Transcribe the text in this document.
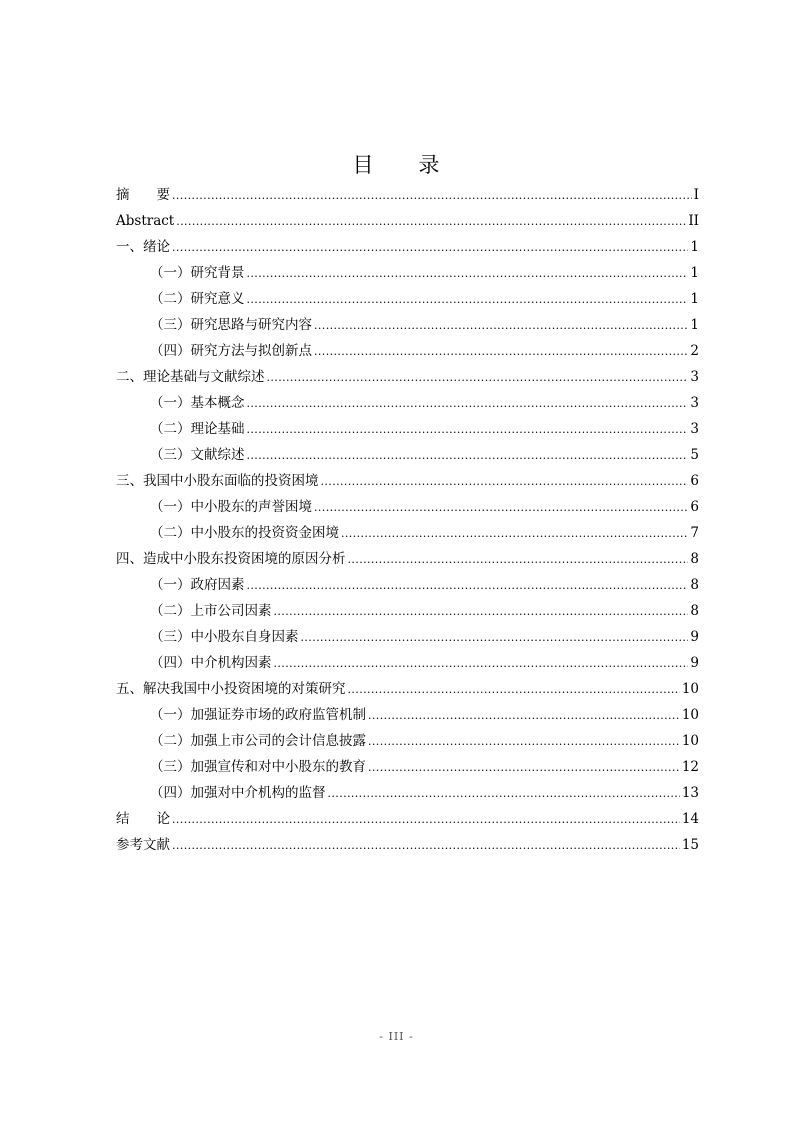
目　　录
摘　　要 .....	I
Abstract .....	II
一、绪论 .....	1
（一）研究背景 .....	1
（二）研究意义 .....	1
（三）研究思路与研究内容 .....	1
（四）研究方法与拟创新点 .....	2
二、理论基础与文献综述 .....	3
（一）基本概念 .....	3
（二）理论基础 .....	3
（三）文献综述 .....	5
三、我国中小股东面临的投资困境 .....	6
（一）中小股东的声誉困境 .....	6
（二）中小股东的投资资金困境 .....	7
四、造成中小股东投资困境的原因分析 .....	8
（一）政府因素 .....	8
（二）上市公司因素 .....	8
（三）中小股东自身因素 .....	9
（四）中介机构因素 .....	9
五、解决我国中小投资困境的对策研究 .....	10
（一）加强证券市场的政府监管机制 .....	10
（二）加强上市公司的会计信息披露 .....	10
（三）加强宣传和对中小股东的教育 .....	12
（四）加强对中介机构的监督 .....	13
结　　论 .....	14
参考文献 .....	15
- III -
